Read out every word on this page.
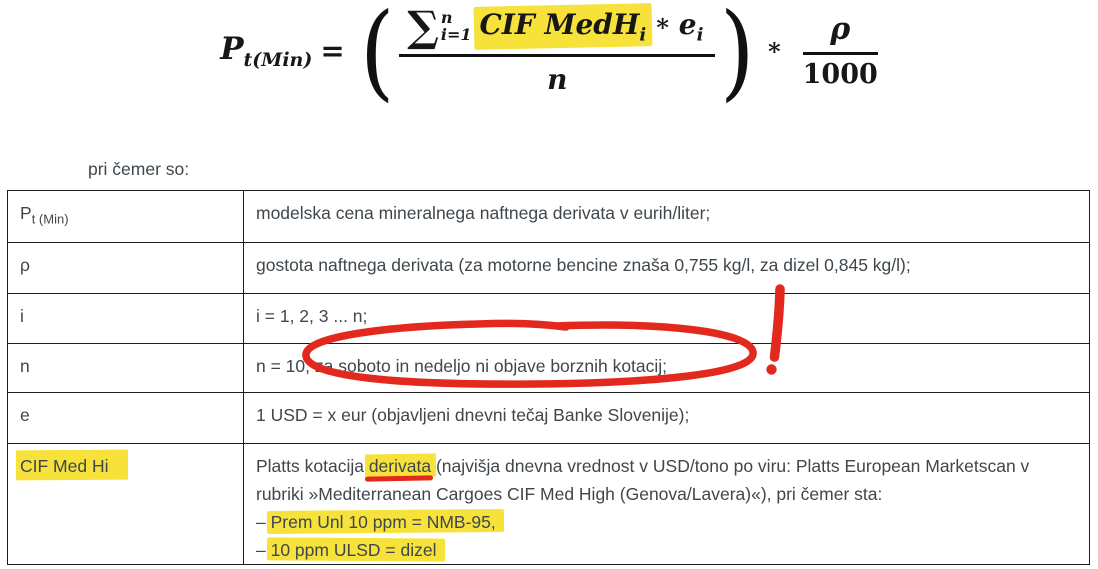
$P_{t(Min)}$ = ( ∑ n
i=1 CIF MedH$_i$ ∗ $e_i$
n ) ∗ $\frac{\rho}{1000}$
pri čemer so:
$P_{t (Min)}$	modelska cena mineralnega naftnega derivata v eurih/liter;
ρ	gostota naftnega derivata (za motorne bencine znaša 0,755 kg/l, za dizel 0,845 kg/l);
i	i = 1, 2, 3 ... n;
n	n = 10; za soboto in nedeljo ni objave borznih kotacij;
e	1 USD = x eur (objavljeni dnevni tečaj Banke Slovenije);
CIF Med Hi	Platts kotacija derivata (najvišja dnevna vrednost v USD/tono po viru: Platts European Marketscan v rubriki »Mediterranean Cargoes CIF Med High (Genova/Lavera)«), pri čemer sta:
– Prem Unl 10 ppm = NMB-95,
– 10 ppm ULSD = dizel.
